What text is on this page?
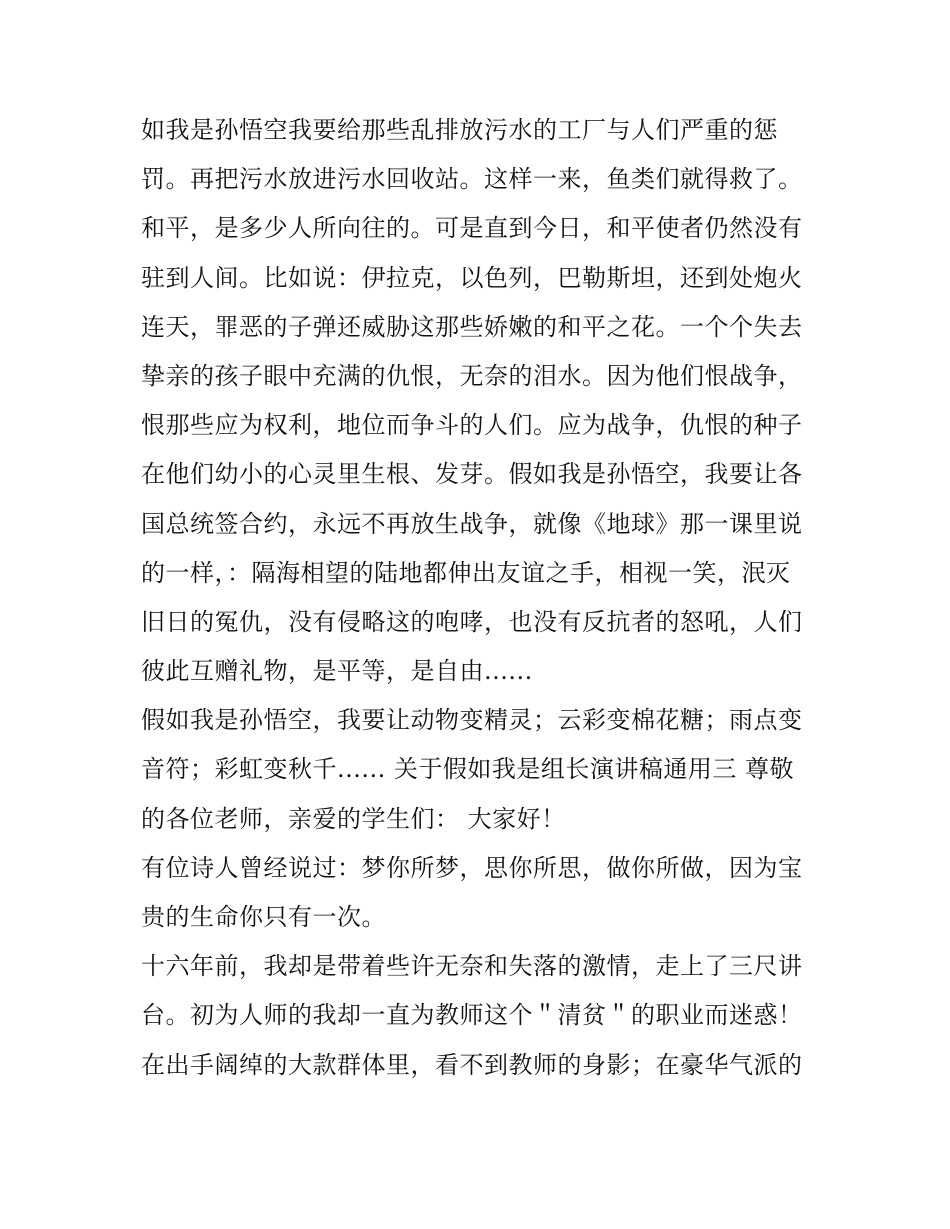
如我是孙悟空我要给那些乱排放污水的工厂与人们严重的惩
罚。再把污水放进污水回收站。这样一来，鱼类们就得救了。
和平，是多少人所向往的。可是直到今日，和平使者仍然没有
驻到人间。比如说：伊拉克，以色列，巴勒斯坦，还到处炮火
连天，罪恶的子弹还威胁这那些娇嫩的和平之花。一个个失去
挚亲的孩子眼中充满的仇恨，无奈的泪水。因为他们恨战争，
恨那些应为权利，地位而争斗的人们。应为战争，仇恨的种子
在他们幼小的心灵里生根、发芽。假如我是孙悟空，我要让各
国总统签合约，永远不再放生战争，就像《地球》那一课里说
的一样，：隔海相望的陆地都伸出友谊之手，相视一笑，泯灭
旧日的冤仇，没有侵略这的咆哮，也没有反抗者的怒吼，人们
彼此互赠礼物，是平等，是自由......
假如我是孙悟空，我要让动物变精灵；云彩变棉花糖；雨点变
音符；彩虹变秋千...... 关于假如我是组长演讲稿通用三 尊敬
的各位老师，亲爱的学生们： 大家好！
有位诗人曾经说过：梦你所梦，思你所思，做你所做，因为宝
贵的生命你只有一次。
十六年前，我却是带着些许无奈和失落的激情，走上了三尺讲
台。初为人师的我却一直为教师这个＂清贫＂的职业而迷惑！
在出手阔绰的大款群体里，看不到教师的身影；在豪华气派的
